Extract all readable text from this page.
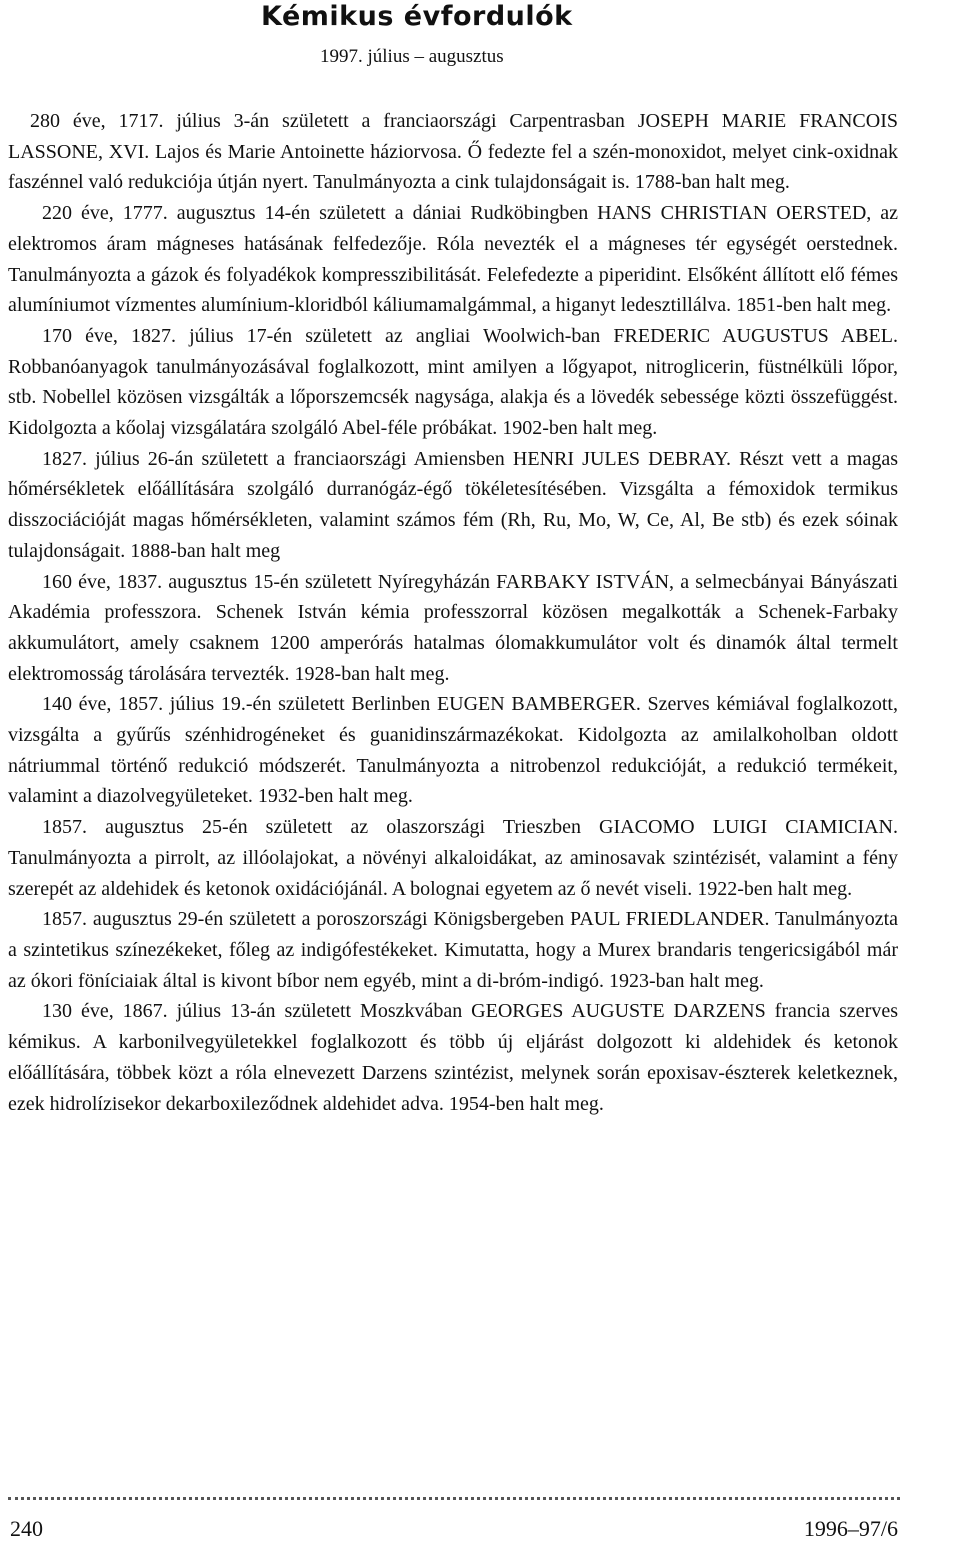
Kémikus évfordulók
1997. július – augusztus

280 éve, 1717. július 3-án született a franciaországi Carpentrasban JOSEPH MARIE FRANCOIS LASSONE, XVI. Lajos és Marie Antoinette háziorvosa. Ő fedezte fel a szén-monoxidot, melyet cink-oxidnak faszénnel való redukciója útján nyert. Tanulmányozta a cink tulajdonságait is. 1788-ban halt meg.

220 éve, 1777. augusztus 14-én született a dániai Rudköbingben HANS CHRISTIAN OERSTED, az elektromos áram mágneses hatásának felfedezője. Róla nevezték el a mágneses tér egységét oerstednek. Tanulmányozta a gázok és folyadékok kompresszibilitását. Felefedezte a piperidint. Elsőként állított elő fémes alumíniumot vízmentes alumínium-kloridból káliumamalgámmal, a higanyt ledesztillálva. 1851-ben halt meg.

170 éve, 1827. július 17-én született az angliai Woolwich-ban FREDERIC AUGUSTUS ABEL. Robbanóanyagok tanulmányozásával foglalkozott, mint amilyen a lőgyapot, nitroglicerin, füstnélküli lőpor, stb. Nobellel közösen vizsgálták a lőporszemcsék nagysága, alakja és a lövedék sebessége közti összefüggést. Kidolgozta a kőolaj vizsgálatára szolgáló Abel-féle próbákat. 1902-ben halt meg.

1827. július 26-án született a franciaországi Amiensben HENRI JULES DEBRAY. Részt vett a magas hőmérsékletek előállítására szolgáló durranógáz-égő tökéletesítésében. Vizsgálta a fémoxidok termikus disszociációját magas hőmérsékleten, valamint számos fém (Rh, Ru, Mo, W, Ce, Al, Be stb) és ezek sóinak tulajdonságait. 1888-ban halt meg

160 éve, 1837. augusztus 15-én született Nyíregyházán FARBAKY ISTVÁN, a selmecbányai Bányászati Akadémia professzora. Schenek István kémia professzorral közösen megalkották a Schenek-Farbaky akkumulátort, amely csaknem 1200 amperórás hatalmas ólomakkumulátor volt és dinamók által termelt elektromosság tárolására tervezték. 1928-ban halt meg.

140 éve, 1857. július 19.-én született Berlinben EUGEN BAMBERGER. Szerves kémiával foglalkozott, vizsgálta a gyűrűs szénhidrogéneket és guanidinszármazékokat. Kidolgozta az amilalkoholban oldott nátriummal történő redukció módszerét. Tanulmányozta a nitrobenzol redukcióját, a redukció termékeit, valamint a diazolvegyületeket. 1932-ben halt meg.

1857. augusztus 25-én született az olaszországi Trieszben GIACOMO LUIGI CIAMICIAN. Tanulmányozta a pirrolt, az illóolajokat, a növényi alkaloidákat, az aminosavak szintézisét, valamint a fény szerepét az aldehidek és ketonok oxidációjánál. A bolognai egyetem az ő nevét viseli. 1922-ben halt meg.

1857. augusztus 29-én született a poroszországi Königsbergeben PAUL FRIEDLANDER. Tanulmányozta a szintetikus színezékeket, főleg az indigófestékeket. Kimutatta, hogy a Murex brandaris tengericsigából már az ókori föníciaiak által is kivont bíbor nem egyéb, mint a di-bróm-indigó. 1923-ban halt meg.

130 éve, 1867. július 13-án született Moszkvában GEORGES AUGUSTE DARZENS francia szerves kémikus. A karbonilvegyületekkel foglalkozott és több új eljárást dolgozott ki aldehidek és ketonok előállítására, többek közt a róla elnevezett Darzens szintézist, melynek során epoxisav-észterek keletkeznek, ezek hidrolízisekor dekarboxileződnek aldehidet adva. 1954-ben halt meg.

240	1996–97/6
